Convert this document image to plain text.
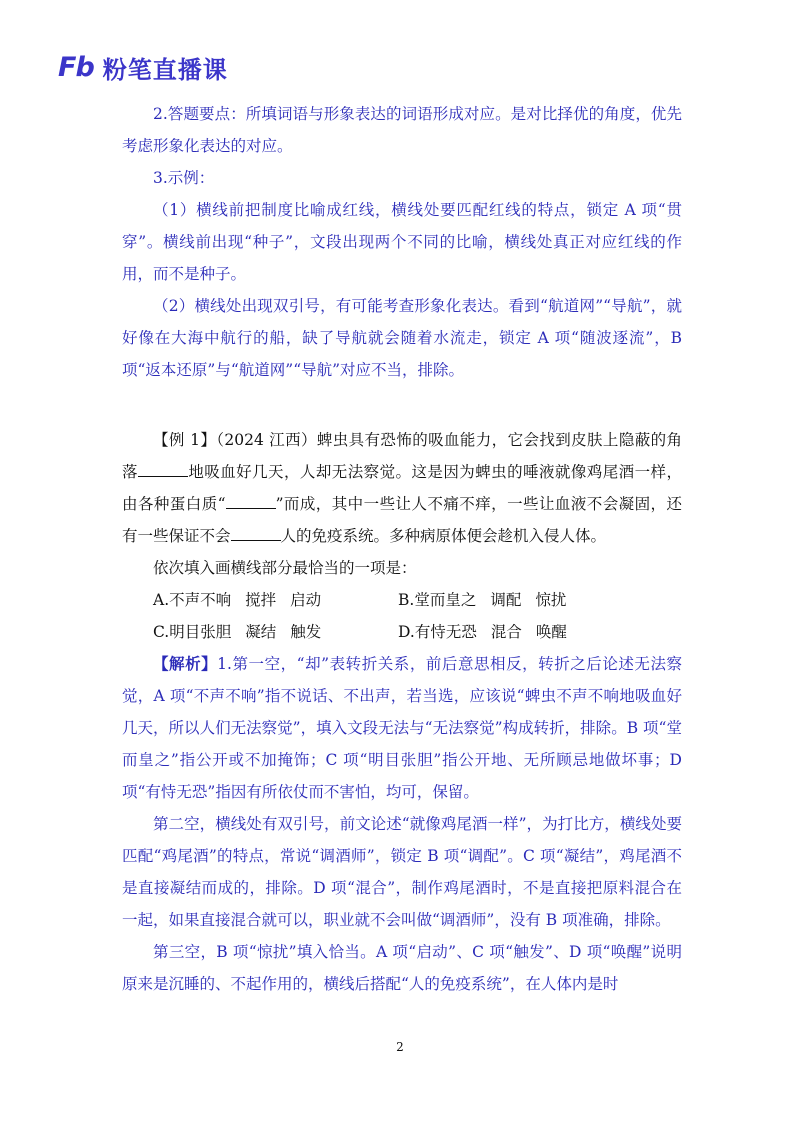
Fb 粉笔直播课

2.答题要点：所填词语与形象表达的词语形成对应。是对比择优的角度，优先考虑形象化表达的对应。

3.示例：

（1）横线前把制度比喻成红线，横线处要匹配红线的特点，锁定 A 项“贯穿”。横线前出现“种子”，文段出现两个不同的比喻，横线处真正对应红线的作用，而不是种子。

（2）横线处出现双引号，有可能考查形象化表达。看到“航道网”“导航”，就好像在大海中航行的船，缺了导航就会随着水流走，锁定 A 项“随波逐流”，B 项“返本还原”与“航道网”“导航”对应不当，排除。

【例 1】（2024 江西）蜱虫具有恐怖的吸血能力，它会找到皮肤上隐蔽的角落	地吸血好几天，人却无法察觉。这是因为蜱虫的唾液就像鸡尾酒一样，由各种蛋白质“	”而成，其中一些让人不痛不痒，一些让血液不会凝固，还有一些保证不会	人的免疫系统。多种病原体便会趁机入侵人体。

依次填入画横线部分最恰当的一项是：

A.不声不响 搅拌 启动	B.堂而皇之 调配 惊扰

C.明目张胆 凝结 触发	D.有恃无恐 混合 唤醒

【解析】1.第一空，“却”表转折关系，前后意思相反，转折之后论述无法察觉，A 项“不声不响”指不说话、不出声，若当选，应该说“蜱虫不声不响地吸血好几天，所以人们无法察觉”，填入文段无法与“无法察觉”构成转折，排除。B 项“堂而皇之”指公开或不加掩饰；C 项“明目张胆”指公开地、无所顾忌地做坏事；D 项“有恃无恐”指因有所依仗而不害怕，均可，保留。

第二空，横线处有双引号，前文论述“就像鸡尾酒一样”，为打比方，横线处要匹配“鸡尾酒”的特点，常说“调酒师”，锁定 B 项“调配”。C 项“凝结”，鸡尾酒不是直接凝结而成的，排除。D 项“混合”，制作鸡尾酒时，不是直接把原料混合在一起，如果直接混合就可以，职业就不会叫做“调酒师”，没有 B 项准确，排除。

第三空，B 项“惊扰”填入恰当。A 项“启动”、C 项“触发”、D 项“唤醒”说明原来是沉睡的、不起作用的，横线后搭配“人的免疫系统”，在人体内是时

2
